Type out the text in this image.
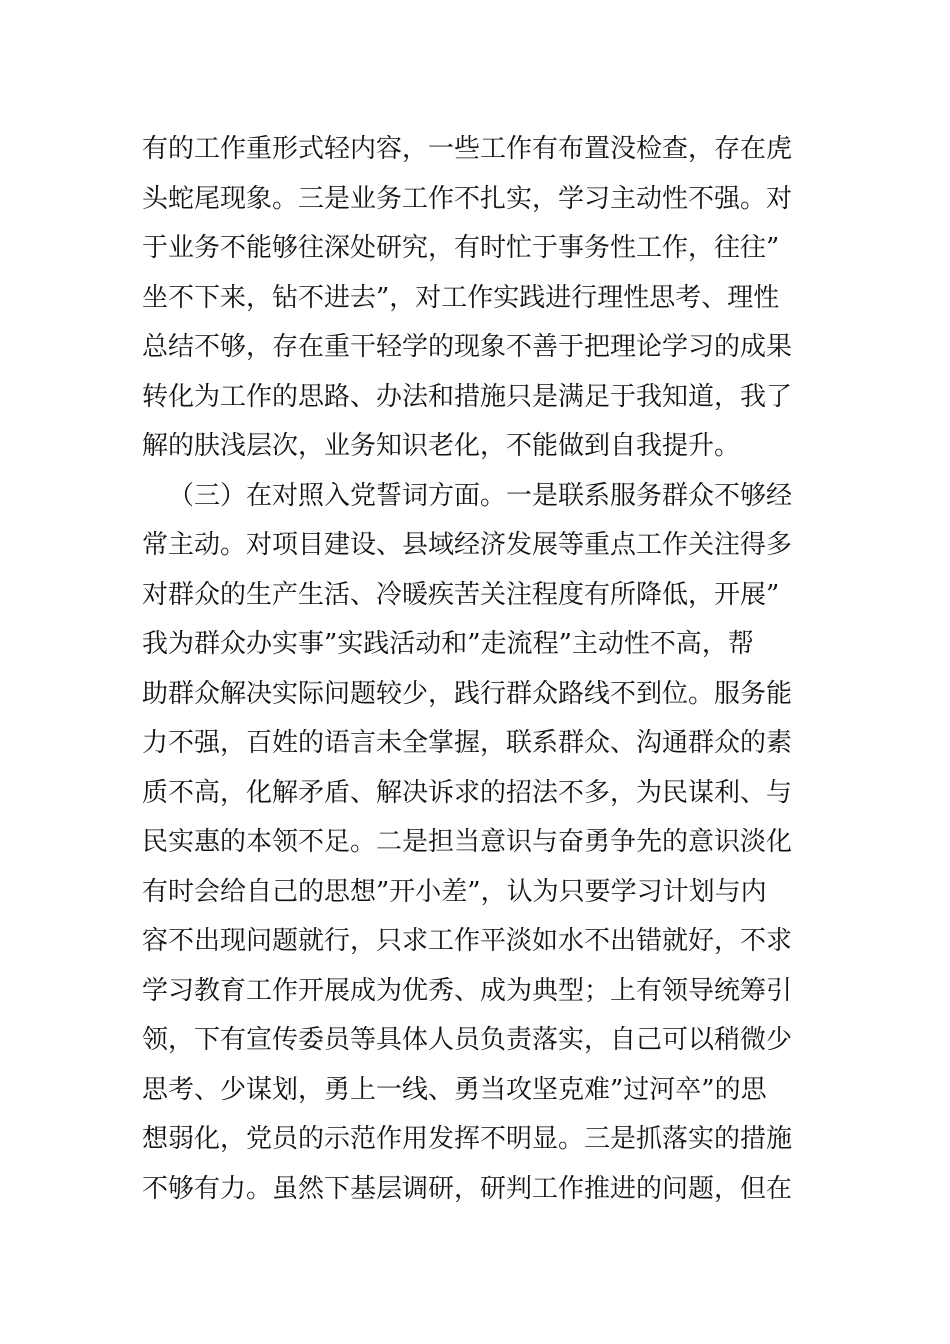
有的工作重形式轻内容，一些工作有布置没检查，存在虎
头蛇尾现象。三是业务工作不扎实，学习主动性不强。对
于业务不能够往深处研究，有时忙于事务性工作，往往”
坐不下来，钻不进去”，对工作实践进行理性思考、理性
总结不够，存在重干轻学的现象不善于把理论学习的成果
转化为工作的思路、办法和措施只是满足于我知道，我了
解的肤浅层次，业务知识老化，不能做到自我提升。
（三）在对照入党誓词方面。一是联系服务群众不够经
常主动。对项目建设、县域经济发展等重点工作关注得多
对群众的生产生活、冷暖疾苦关注程度有所降低，开展”
我为群众办实事”实践活动和”走流程”主动性不高，帮
助群众解决实际问题较少，践行群众路线不到位。服务能
力不强，百姓的语言未全掌握，联系群众、沟通群众的素
质不高，化解矛盾、解决诉求的招法不多，为民谋利、与
民实惠的本领不足。二是担当意识与奋勇争先的意识淡化
有时会给自己的思想”开小差”，认为只要学习计划与内
容不出现问题就行，只求工作平淡如水不出错就好，不求
学习教育工作开展成为优秀、成为典型；上有领导统筹引
领，下有宣传委员等具体人员负责落实，自己可以稍微少
思考、少谋划，勇上一线、勇当攻坚克难”过河卒”的思
想弱化，党员的示范作用发挥不明显。三是抓落实的措施
不够有力。虽然下基层调研，研判工作推进的问题，但在
